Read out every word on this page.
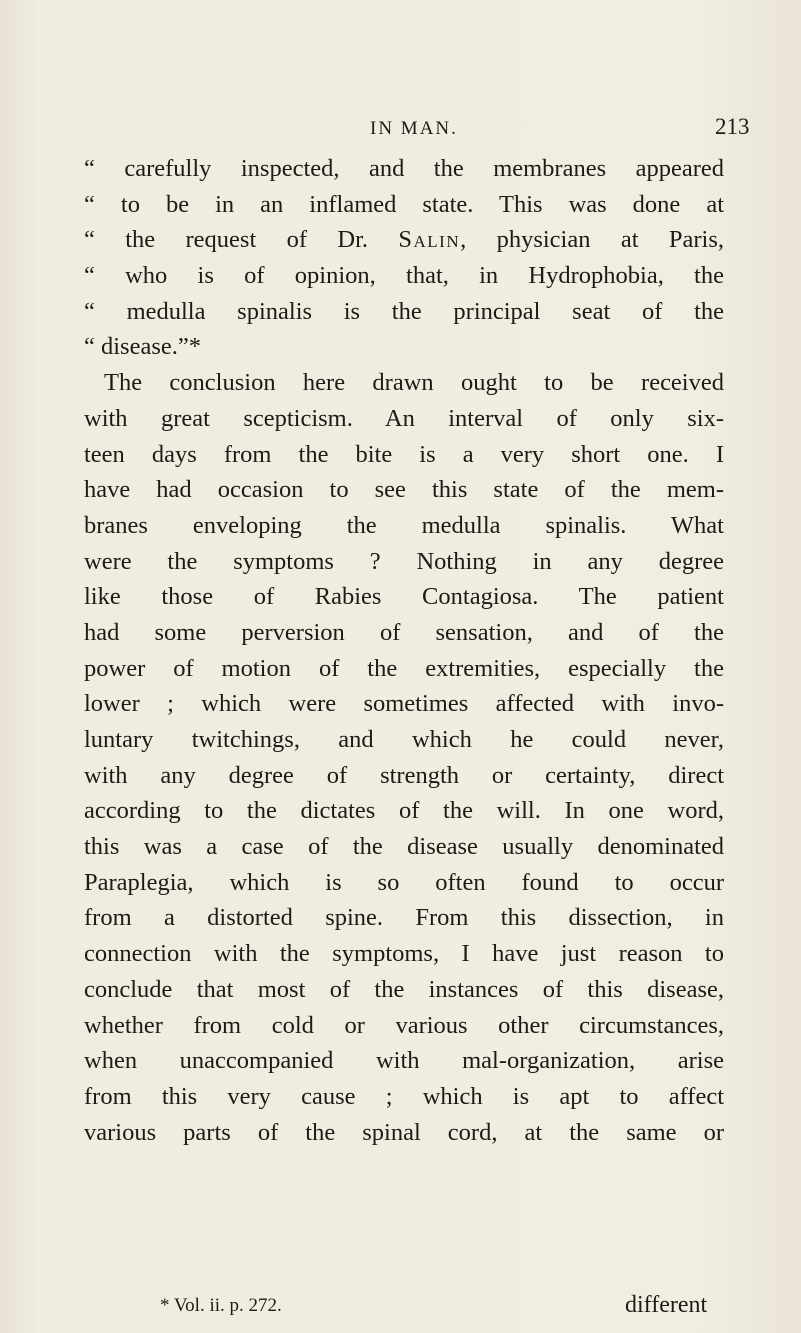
IN MAN.	213
“ carefully inspected, and the membranes appeared
“ to be in an inflamed state. This was done at
“ the request of Dr. Salin, physician at Paris,
“ who is of opinion, that, in Hydrophobia, the
“ medulla spinalis is the principal seat of the
“ disease.”*
The conclusion here drawn ought to be received
with great scepticism. An interval of only six-
teen days from the bite is a very short one. I
have had occasion to see this state of the mem-
branes enveloping the medulla spinalis. What
were the symptoms ? Nothing in any degree
like those of Rabies Contagiosa. The patient
had some perversion of sensation, and of the
power of motion of the extremities, especially the
lower ; which were sometimes affected with invo-
luntary twitchings, and which he could never,
with any degree of strength or certainty, direct
according to the dictates of the will. In one word,
this was a case of the disease usually denominated
Paraplegia, which is so often found to occur
from a distorted spine. From this dissection, in
connection with the symptoms, I have just reason to
conclude that most of the instances of this disease,
whether from cold or various other circumstances,
when unaccompanied with mal-organization, arise
from this very cause ; which is apt to affect
various parts of the spinal cord, at the same or
* Vol. ii. p. 272.	different
